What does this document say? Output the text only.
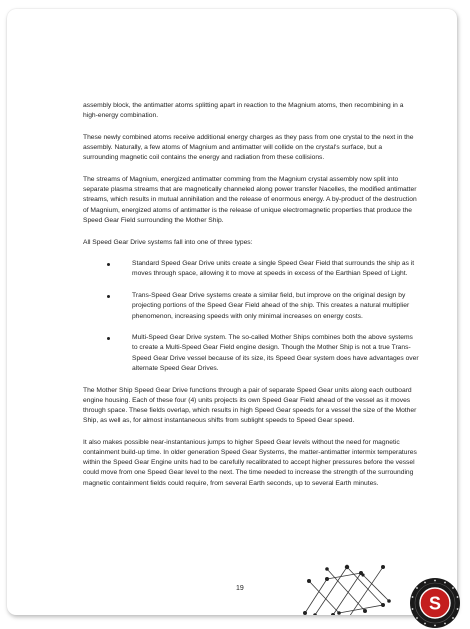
assembly block, the antimatter atoms splitting apart in reaction to the Magnium atoms, then recombining in a high-energy combination.

These newly combined atoms receive additional energy charges as they pass from one crystal to the next in the assembly. Naturally, a few atoms of Magnium and antimatter will collide on the crystal's surface, but a surrounding magnetic coil contains the energy and radiation from these collisions.

The streams of Magnium, energized antimatter comming from the Magnium crystal assembly now split into separate plasma streams that are magnetically channeled along power transfer Nacelles, the modified antimatter streams, which results in mutual annihilation and the release of enormous energy. A by-product of the destruction of Magnium, energized atoms of antimatter is the release of unique electromagnetic properties that produce the Speed Gear Field surrounding the Mother Ship.

All Speed Gear Drive systems fall into one of three types:

Standard Speed Gear Drive units create a single Speed Gear Field that surrounds the ship as it moves through space, allowing it to move at speeds in excess of the Earthian Speed of Light.
Trans-Speed Gear Drive systems create a similar field, but improve on the original design by projecting portions of the Speed Gear Field ahead of the ship. This creates a natural multiplier phenomenon, increasing speeds with only minimal increases on energy costs.
Multi-Speed Gear Drive system. The so-called Mother Ships combines both the above systems to create a Multi-Speed Gear Field engine design. Though the Mother Ship is not a true Trans-Speed Gear Drive vessel because of its size, its Speed Gear system does have advantages over alternate Speed Gear Drives.

The Mother Ship Speed Gear Drive functions through a pair of separate Speed Gear units along each outboard engine housing. Each of these four (4) units projects its own Speed Gear Field ahead of the vessel as it moves through space. These fields overlap, which results in high Speed Gear speeds for a vessel the size of the Mother Ship, as well as, for almost instantaneous shifts from sublight speeds to Speed Gear speed.

It also makes possible near-instantanious jumps to higher Speed Gear levels without the need for magnetic containment build-up time. In older generation Speed Gear Systems, the matter-antimatter intermix temperatures within the Speed Gear Engine units had to be carefully recalibrated to accept higher pressures before the vessel could move from one Speed Gear level to the next. The time needed to increase the strength of the surrounding magnetic containment fields could require, from several Earth seconds, up to several Earth minutes.

19
S
